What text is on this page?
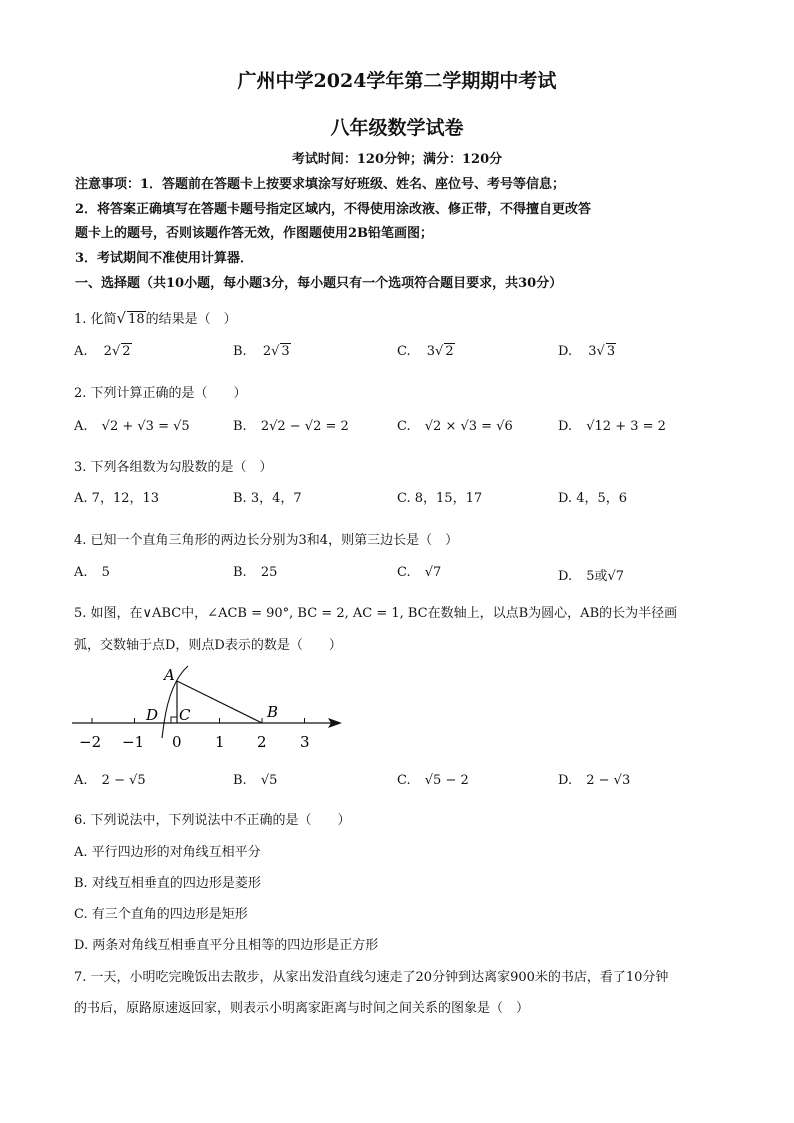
广州中学2024学年第二学期期中考试
八年级数学试卷
考试时间：120分钟；满分：120分
注意事项：1．答题前在答题卡上按要求填涂写好班级、姓名、座位号、考号等信息；
2．将答案正确填写在答题卡题号指定区域内，不得使用涂改液、修正带，不得擅自更改答
题卡上的题号，否则该题作答无效，作图题使用2B铅笔画图；
3．考试期间不准使用计算器．
一、选择题（共10小题，每小题3分，每小题只有一个选项符合题目要求，共30分）
1. 化简√ 18的结果是（　）
A. 2√ 2	B. 2√ 3	C. 3√ 2	D. 3√ 3
2. 下列计算正确的是（　　）
A. √2 + √3 = √5	B. 2√2 − √2 = 2	C. √2 × √3 = √6	D. √12 + 3 = 2
3. 下列各组数为勾股数的是（　）
A. 7，12，13	B. 3，4，7	C. 8，15，17	D. 4，5，6
4. 已知一个直角三角形的两边长分别为3和4，则第三边长是（　）
A. 5	B. 25	C. √7	D. 5或√7
5. 如图，在∨ABC中，∠ACB = 90°, BC = 2, AC = 1, BC在数轴上，以点B为圆心，AB的长为半径画
弧，交数轴于点D，则点D表示的数是（　　）
−2 −1 0 1 2 3
A
B
C
D
A. 2 − √5	B. √5	C. √5 − 2	D. 2 − √3
6. 下列说法中，下列说法中不正确的是（　　）
A. 平行四边形的对角线互相平分
B. 对线互相垂直的四边形是菱形
C. 有三个直角的四边形是矩形
D. 两条对角线互相垂直平分且相等的四边形是正方形
7. 一天，小明吃完晚饭出去散步，从家出发沿直线匀速走了20分钟到达离家900米的书店，看了10分钟
的书后，原路原速返回家，则表示小明离家距离与时间之间关系的图象是（　）
